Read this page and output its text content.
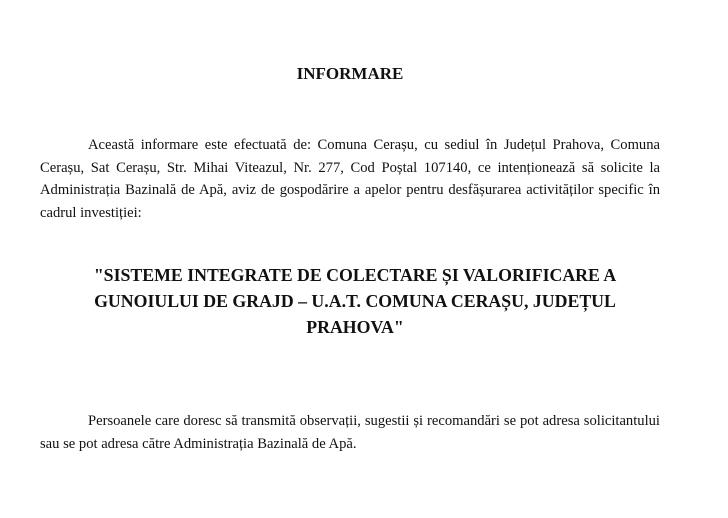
INFORMARE

Această informare este efectuată de: Comuna Cerașu, cu sediul în Județul Prahova, Comuna Cerașu, Sat Cerașu, Str. Mihai Viteazul, Nr. 277, Cod Poștal 107140, ce intenționează să solicite la Administrația Bazinală de Apă, aviz de gospodărire a apelor pentru desfășurarea activităților specific în cadrul investiției:

"SISTEME INTEGRATE DE COLECTARE ȘI VALORIFICARE A GUNOIULUI DE GRAJD – U.A.T. COMUNA CERAȘU, JUDEȚUL PRAHOVA"

Persoanele care doresc să transmită observații, sugestii și recomandări se pot adresa solicitantului sau se pot adresa către Administrația Bazinală de Apă.
